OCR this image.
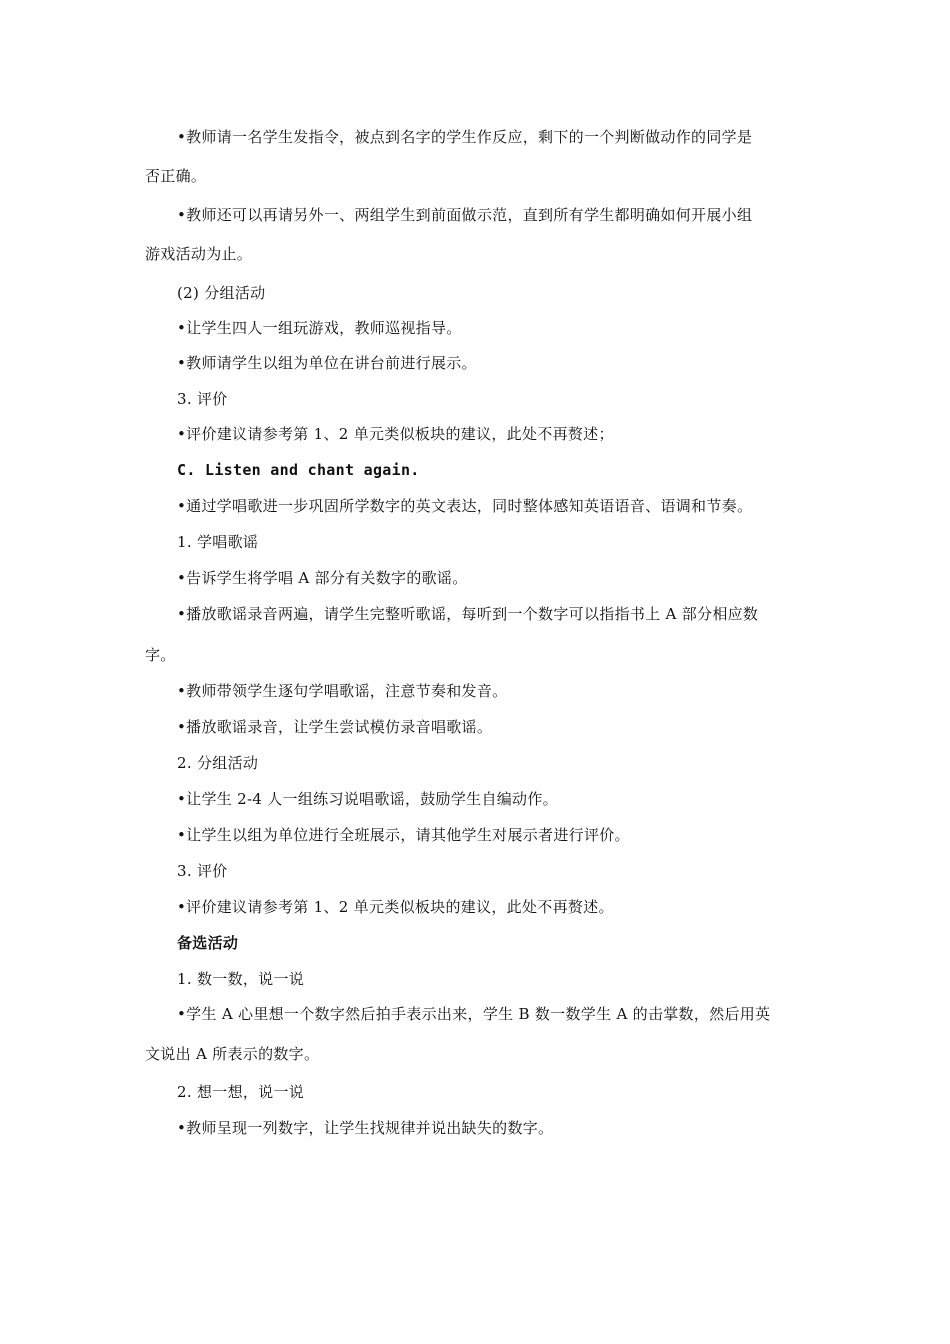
•教师请一名学生发指令，被点到名字的学生作反应，剩下的一个判断做动作的同学是
否正确。
•教师还可以再请另外一、两组学生到前面做示范，直到所有学生都明确如何开展小组
游戏活动为止。
(2) 分组活动
•让学生四人一组玩游戏，教师巡视指导。
•教师请学生以组为单位在讲台前进行展示。
3. 评价
•评价建议请参考第 1、2 单元类似板块的建议，此处不再赘述；
C. Listen and chant again.
•通过学唱歌进一步巩固所学数字的英文表达，同时整体感知英语语音、语调和节奏。
1. 学唱歌谣
•告诉学生将学唱 A 部分有关数字的歌谣。
•播放歌谣录音两遍，请学生完整听歌谣，每听到一个数字可以指指书上 A 部分相应数
字。
•教师带领学生逐句学唱歌谣，注意节奏和发音。
•播放歌谣录音，让学生尝试模仿录音唱歌谣。
2. 分组活动
•让学生 2-4 人一组练习说唱歌谣，鼓励学生自编动作。
•让学生以组为单位进行全班展示，请其他学生对展示者进行评价。
3. 评价
•评价建议请参考第 1、2 单元类似板块的建议，此处不再赘述。
备选活动
1. 数一数，说一说
•学生 A 心里想一个数字然后拍手表示出来，学生 B 数一数学生 A 的击掌数，然后用英
文说出 A 所表示的数字。
2. 想一想，说一说
•教师呈现一列数字，让学生找规律并说出缺失的数字。
